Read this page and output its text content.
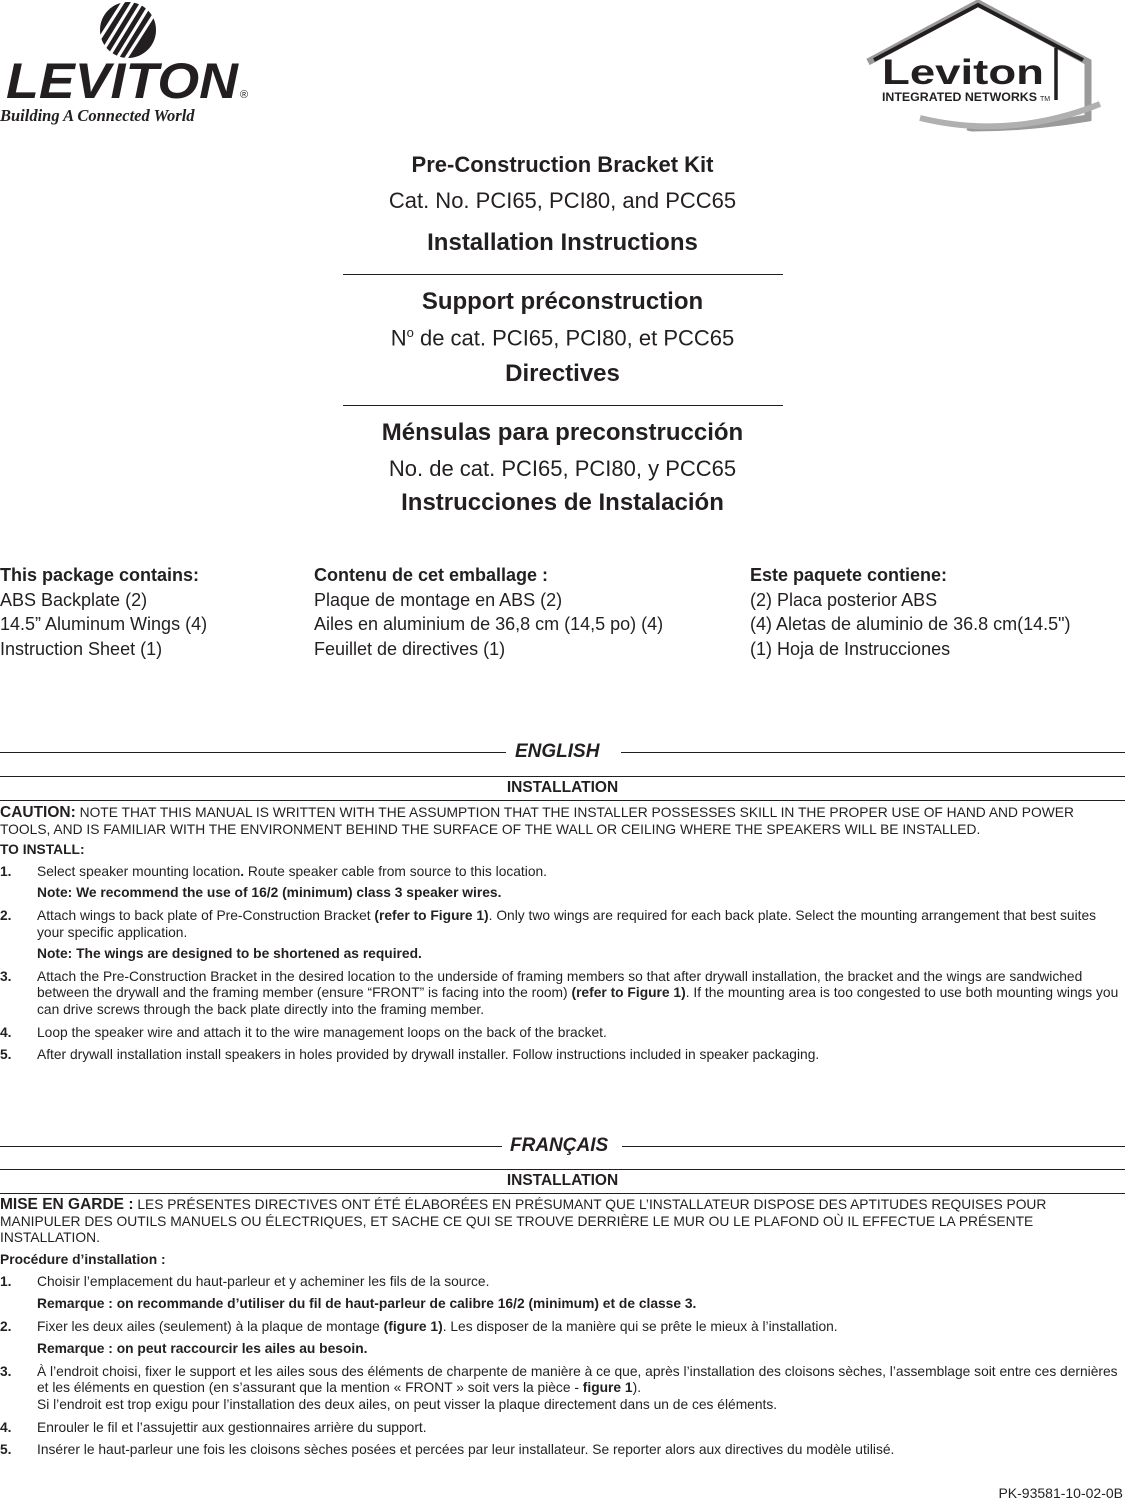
LEVITON ®
Building A Connected World
Leviton
INTEGRATED NETWORKS TM
Pre-Construction Bracket Kit
Cat. No. PCI65, PCI80, and PCC65
Installation Instructions
Support préconstruction
$N^o$ de cat. PCI65, PCI80, et PCC65
Directives
Ménsulas para preconstrucción
No. de cat. PCI65, PCI80, y PCC65
Instrucciones de Instalación
This package contains:
ABS Backplate (2)
14.5” Aluminum Wings (4)
Instruction Sheet (1)
Contenu de cet emballage :
Plaque de montage en ABS (2)
Ailes en aluminium de 36,8 cm (14,5 po) (4)
Feuillet de directives (1)
Este paquete contiene:
(2) Placa posterior ABS
(4) Aletas de aluminio de 36.8 cm(14.5")
(1) Hoja de Instrucciones
ENGLISH
INSTALLATION
CAUTION: NOTE THAT THIS MANUAL IS WRITTEN WITH THE ASSUMPTION THAT THE INSTALLER POSSESSES SKILL IN THE PROPER USE OF HAND AND POWER TOOLS, AND IS FAMILIAR WITH THE ENVIRONMENT BEHIND THE SURFACE OF THE WALL OR CEILING WHERE THE SPEAKERS WILL BE INSTALLED.
TO INSTALL:
1. Select speaker mounting location. Route speaker cable from source to this location.
Note: We recommend the use of 16/2 (minimum) class 3 speaker wires.
2. Attach wings to back plate of Pre-Construction Bracket (refer to Figure 1). Only two wings are required for each back plate. Select the mounting arrangement that best suites your specific application.
Note: The wings are designed to be shortened as required.
3. Attach the Pre-Construction Bracket in the desired location to the underside of framing members so that after drywall installation, the bracket and the wings are sandwiched between the drywall and the framing member (ensure “FRONT” is facing into the room) (refer to Figure 1). If the mounting area is too congested to use both mounting wings you can drive screws through the back plate directly into the framing member.
4. Loop the speaker wire and attach it to the wire management loops on the back of the bracket.
5. After drywall installation install speakers in holes provided by drywall installer. Follow instructions included in speaker packaging.
FRANÇAIS
INSTALLATION
MISE EN GARDE : LES PRÉSENTES DIRECTIVES ONT ÉTÉ ÉLABORÉES EN PRÉSUMANT QUE L’INSTALLATEUR DISPOSE DES APTITUDES REQUISES POUR MANIPULER DES OUTILS MANUELS OU ÉLECTRIQUES, ET SACHE CE QUI SE TROUVE DERRIÈRE LE MUR OU LE PLAFOND OÙ IL EFFECTUE LA PRÉSENTE INSTALLATION.
Procédure d’installation :
1. Choisir l’emplacement du haut-parleur et y acheminer les fils de la source.
Remarque : on recommande d’utiliser du fil de haut-parleur de calibre 16/2 (minimum) et de classe 3.
2. Fixer les deux ailes (seulement) à la plaque de montage (figure 1). Les disposer de la manière qui se prête le mieux à l’installation.
Remarque : on peut raccourcir les ailes au besoin.
3. À l’endroit choisi, fixer le support et les ailes sous des éléments de charpente de manière à ce que, après l’installation des cloisons sèches, l’assemblage soit entre ces dernières et les éléments en question (en s’assurant que la mention « FRONT » soit vers la pièce - figure 1).
Si l’endroit est trop exigu pour l’installation des deux ailes, on peut visser la plaque directement dans un de ces éléments.
4. Enrouler le fil et l’assujettir aux gestionnaires arrière du support.
5. Insérer le haut-parleur une fois les cloisons sèches posées et percées par leur installateur. Se reporter alors aux directives du modèle utilisé.
PK-93581-10-02-0B
